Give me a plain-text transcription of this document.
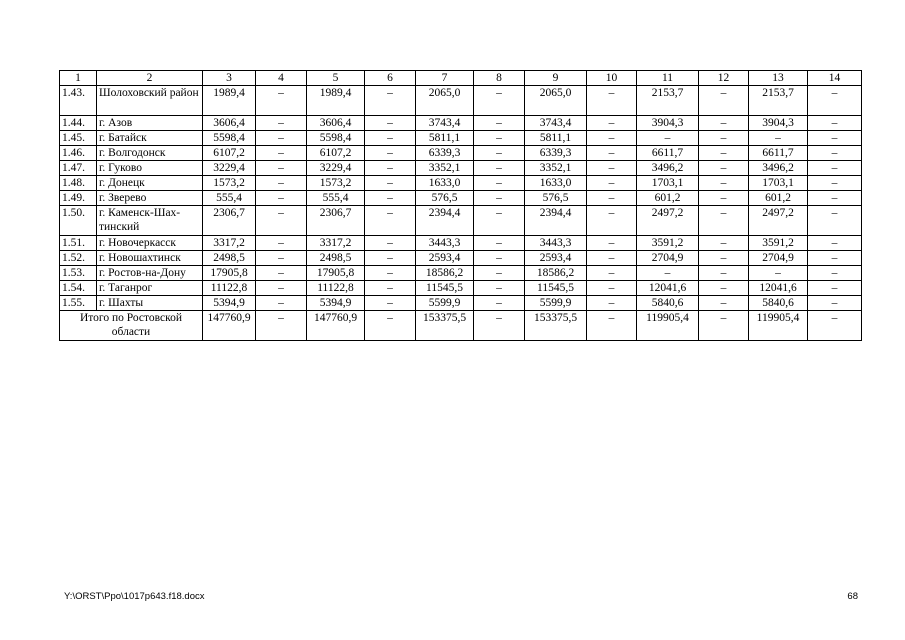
1	2	3	4	5	6	7	8	9	10	11	12	13	14
1.43.	Шолоховский район	1989,4	–	1989,4	–	2065,0	–	2065,0	–	2153,7	–	2153,7	–
1.44.	г. Азов	3606,4	–	3606,4	–	3743,4	–	3743,4	–	3904,3	–	3904,3	–
1.45.	г. Батайск	5598,4	–	5598,4	–	5811,1	–	5811,1	–	–	–	–	–
1.46.	г. Волгодонск	6107,2	–	6107,2	–	6339,3	–	6339,3	–	6611,7	–	6611,7	–
1.47.	г. Гуково	3229,4	–	3229,4	–	3352,1	–	3352,1	–	3496,2	–	3496,2	–
1.48.	г. Донецк	1573,2	–	1573,2	–	1633,0	–	1633,0	–	1703,1	–	1703,1	–
1.49.	г. Зверево	555,4	–	555,4	–	576,5	–	576,5	–	601,2	–	601,2	–
1.50.	г. Каменск-Шах-тинский	2306,7	–	2306,7	–	2394,4	–	2394,4	–	2497,2	–	2497,2	–
1.51.	г. Новочеркасск	3317,2	–	3317,2	–	3443,3	–	3443,3	–	3591,2	–	3591,2	–
1.52.	г. Новошахтинск	2498,5	–	2498,5	–	2593,4	–	2593,4	–	2704,9	–	2704,9	–
1.53.	г. Ростов-на-Дону	17905,8	–	17905,8	–	18586,2	–	18586,2	–	–	–	–	–
1.54.	г. Таганрог	11122,8	–	11122,8	–	11545,5	–	11545,5	–	12041,6	–	12041,6	–
1.55.	г. Шахты	5394,9	–	5394,9	–	5599,9	–	5599,9	–	5840,6	–	5840,6	–
Итого по Ростовской области		147760,9	–	147760,9	–	153375,5	–	153375,5	–	119905,4	–	119905,4	–
Y:\ORST\Ppo\1017p643.f18.docx	68
